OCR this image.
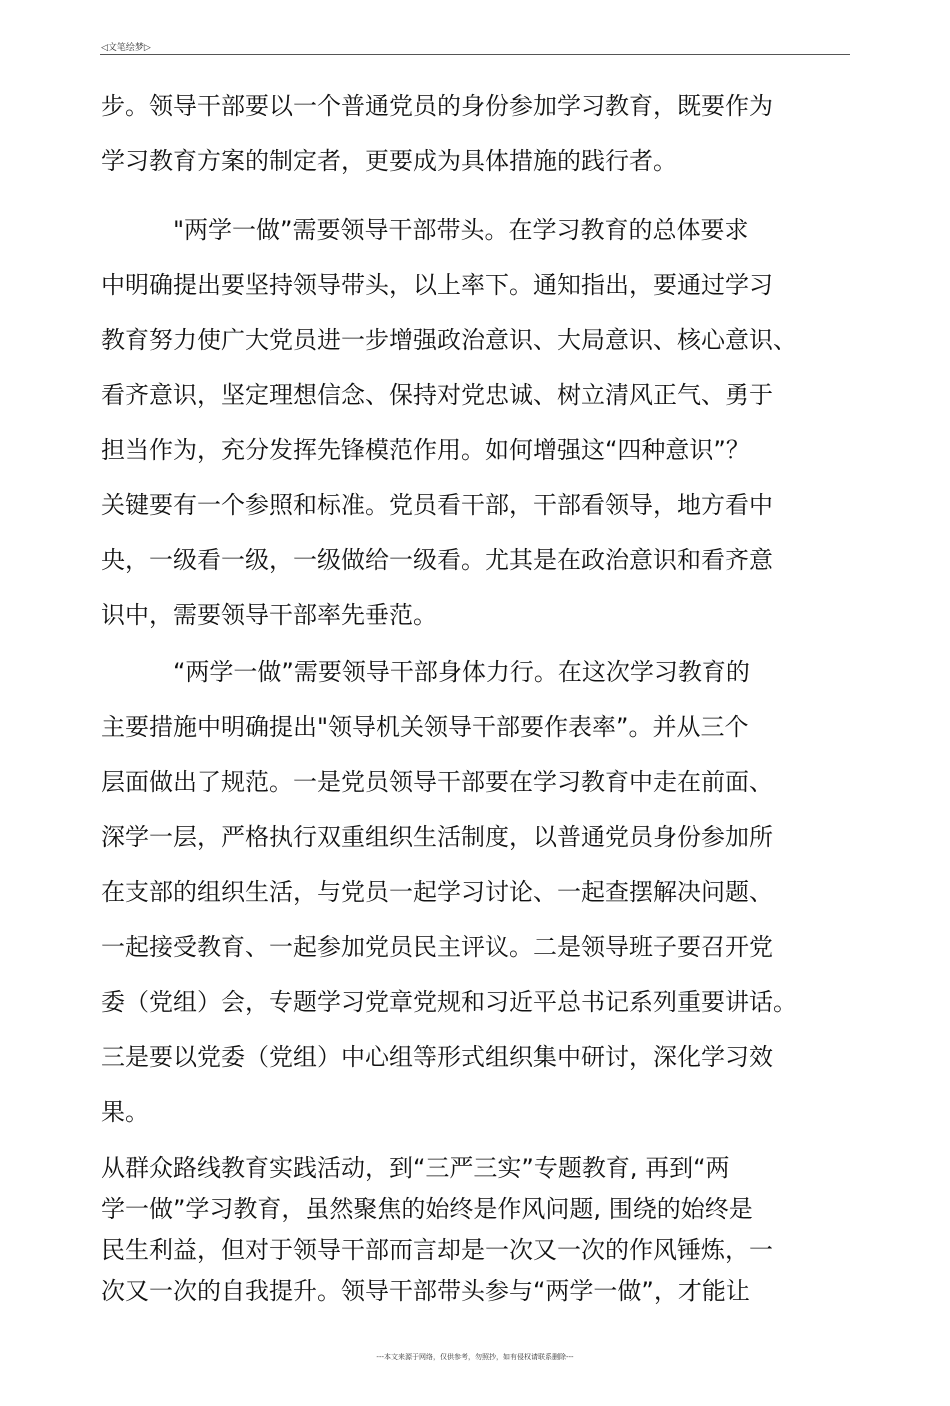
◁文笔绘梦▷
步。领导干部要以一个普通党员的身份参加学习教育，既要作为
学习教育方案的制定者，更要成为具体措施的践行者。
　　　"两学一做”需要领导干部带头。在学习教育的总体要求
中明确提出要坚持领导带头，以上率下。通知指出，要通过学习
教育努力使广大党员进一步增强政治意识、大局意识、核心意识、
看齐意识，坚定理想信念、保持对党忠诚、树立清风正气、勇于
担当作为，充分发挥先锋模范作用。如何增强这“四种意识”？
关键要有一个参照和标准。党员看干部，干部看领导，地方看中
央，一级看一级，一级做给一级看。尤其是在政治意识和看齐意
识中，需要领导干部率先垂范。
　　　“两学一做”需要领导干部身体力行。在这次学习教育的
主要措施中明确提出"领导机关领导干部要作表率”。并从三个
层面做出了规范。一是党员领导干部要在学习教育中走在前面、
深学一层，严格执行双重组织生活制度，以普通党员身份参加所
在支部的组织生活，与党员一起学习讨论、一起查摆解决问题、
一起接受教育、一起参加党员民主评议。二是领导班子要召开党
委（党组）会，专题学习党章党规和习近平总书记系列重要讲话。
三是要以党委（党组）中心组等形式组织集中研讨，深化学习效
果。
从群众路线教育实践活动，到“三严三实”专题教育, 再到“两
学一做”学习教育，虽然聚焦的始终是作风问题, 围绕的始终是
民生利益，但对于领导干部而言却是一次又一次的作风锤炼，一
次又一次的自我提升。领导干部带头参与“两学一做”，才能让
---本文来源于网络，仅供参考，勿照抄，如有侵权请联系删除---
